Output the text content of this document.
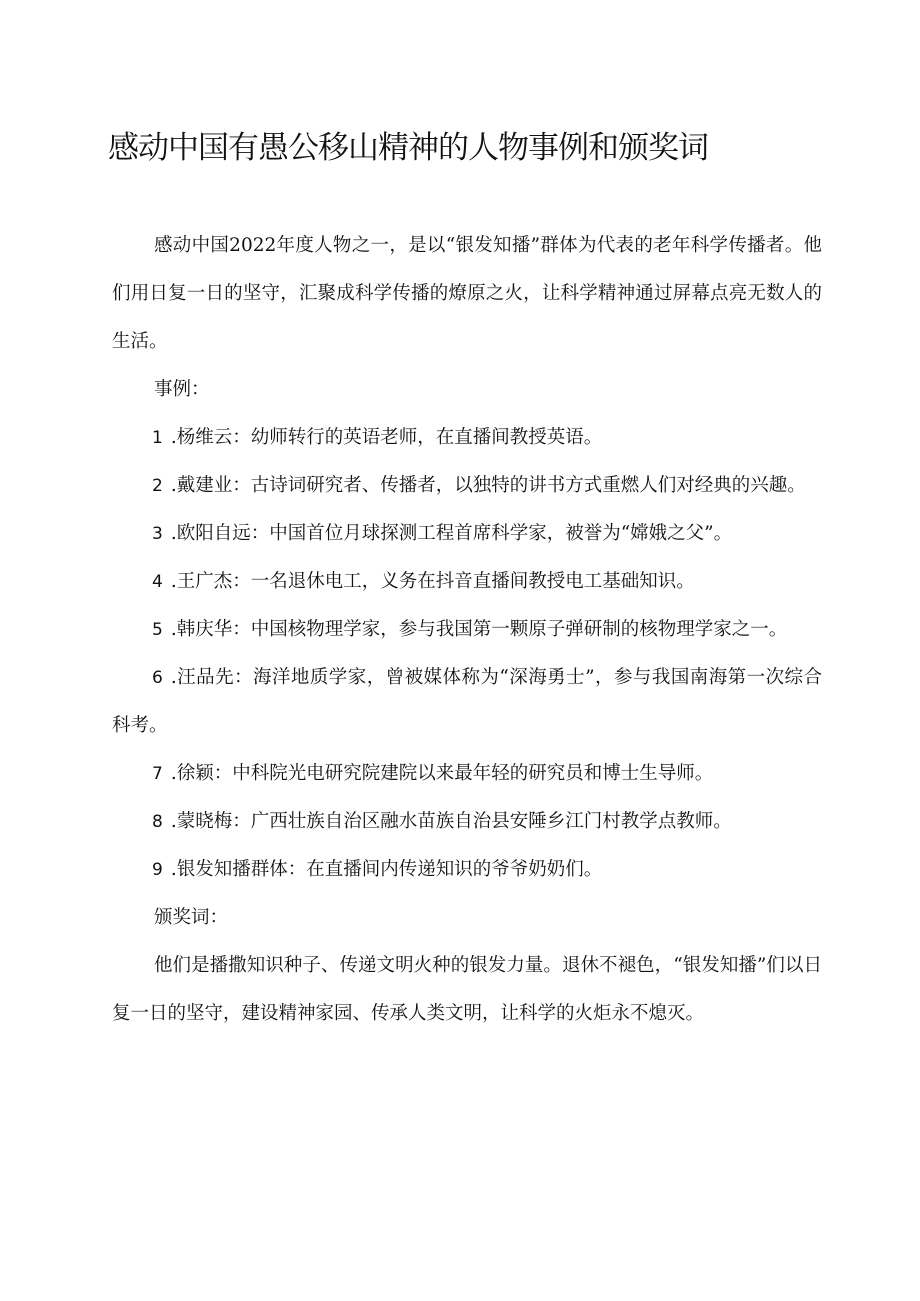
感动中国有愚公移山精神的人物事例和颁奖词

感动中国2022年度人物之一，是以“银发知播”群体为代表的老年科学传播者。他们用日复一日的坚守，汇聚成科学传播的燎原之火，让科学精神通过屏幕点亮无数人的生活。

事例：

1 .杨维云：幼师转行的英语老师，在直播间教授英语。

2 .戴建业：古诗词研究者、传播者，以独特的讲书方式重燃人们对经典的兴趣。

3 .欧阳自远：中国首位月球探测工程首席科学家，被誉为“嫦娥之父”。

4 .王广杰：一名退休电工，义务在抖音直播间教授电工基础知识。

5 .韩庆华：中国核物理学家，参与我国第一颗原子弹研制的核物理学家之一。

6 .汪品先：海洋地质学家，曾被媒体称为“深海勇士”，参与我国南海第一次综合科考。

7 .徐颖：中科院光电研究院建院以来最年轻的研究员和博士生导师。

8 .蒙晓梅：广西壮族自治区融水苗族自治县安陲乡江门村教学点教师。

9 .银发知播群体：在直播间内传递知识的爷爷奶奶们。

颁奖词：

他们是播撒知识种子、传递文明火种的银发力量。退休不褪色，“银发知播”们以日复一日的坚守，建设精神家园、传承人类文明，让科学的火炬永不熄灭。
